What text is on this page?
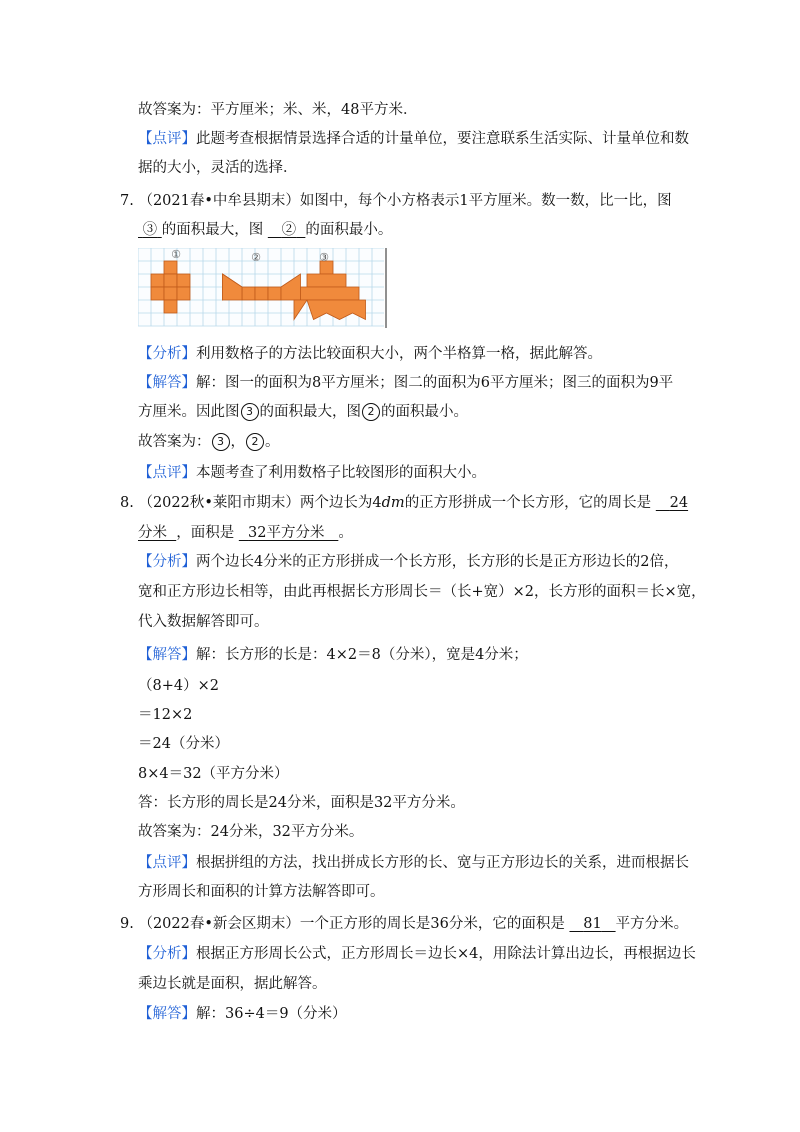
故答案为：平方厘米；米、米，48平方米．
【点评】此题考查根据情景选择合适的计量单位，要注意联系生活实际、计量单位和数
据的大小，灵活的选择．
7. （2021春•中牟县期末）如图中，每个小方格表示1平方厘米。数一数，比一比，图
③ 的面积最大，图 ② 的面积最小。
①	②	③
【分析】利用数格子的方法比较面积大小，两个半格算一格，据此解答。
【解答】解：图一的面积为8平方厘米；图二的面积为6平方厘米；图三的面积为9平
方厘米。因此图 3 的面积最大，图 2 的面积最小。
故答案为： 3 ， 2 。
【点评】本题考查了利用数格子比较图形的面积大小。
8. （2022秋•莱阳市期末）两个边长为4dm的正方形拼成一个长方形，它的周长是 24
分米 ，面积是 32平方分米 。
【分析】两个边长4分米的正方形拼成一个长方形，长方形的长是正方形边长的2倍，
宽和正方形边长相等，由此再根据长方形周长＝（长+宽）×2，长方形的面积＝长×宽，
代入数据解答即可。
【解答】解：长方形的长是：4×2＝8（分米），宽是4分米；
（8+4）×2
＝12×2
＝24（分米）
8×4＝32（平方分米）
答：长方形的周长是24分米，面积是32平方分米。
故答案为：24分米，32平方分米。
【点评】根据拼组的方法，找出拼成长方形的长、宽与正方形边长的关系，进而根据长
方形周长和面积的计算方法解答即可。
9. （2022春•新会区期末）一个正方形的周长是36分米，它的面积是 81 平方分米。
【分析】根据正方形周长公式，正方形周长＝边长×4，用除法计算出边长，再根据边长
乘边长就是面积，据此解答。
【解答】解：36÷4＝9（分米）
